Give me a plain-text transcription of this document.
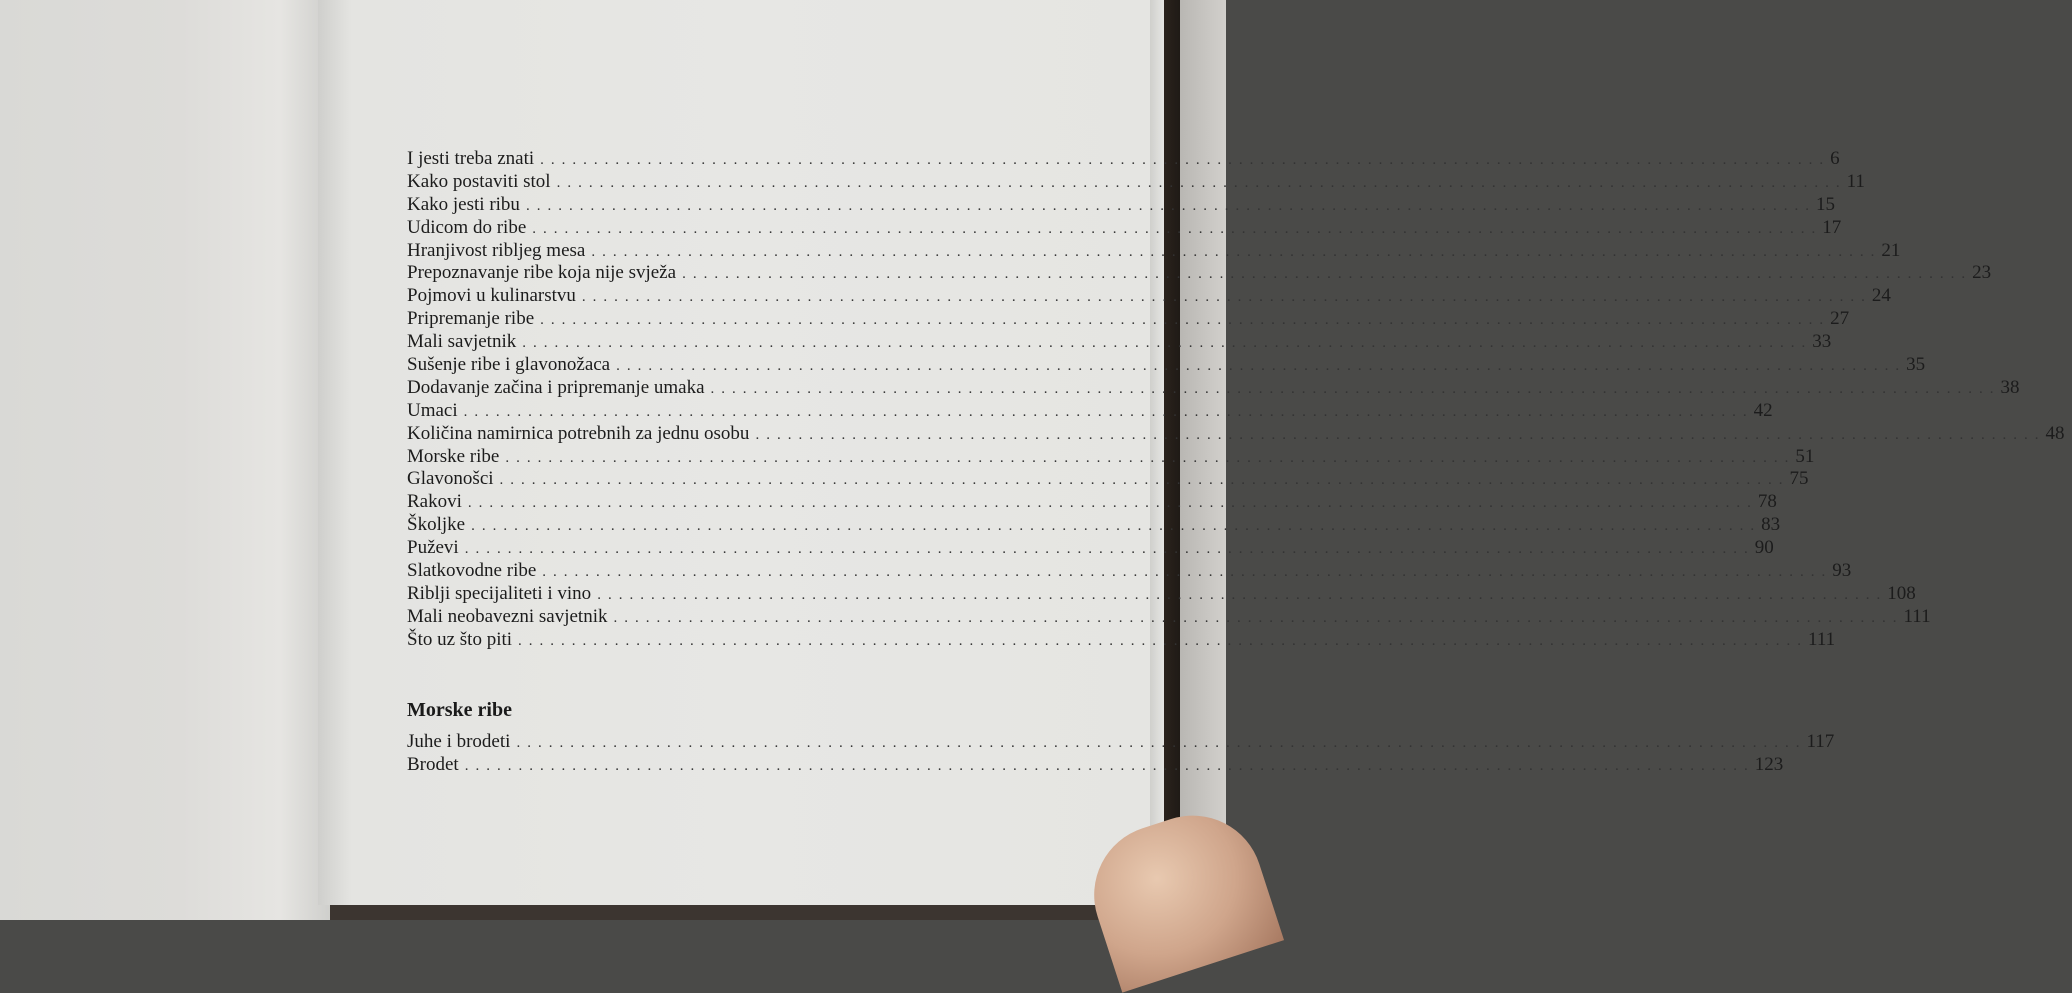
I jesti treba znati ........................................................................................................................ 6
Kako postaviti stol ........................................................................................................................ 11
Kako jesti ribu ........................................................................................................................ 15
Udicom do ribe ........................................................................................................................ 17
Hranjivost ribljeg mesa ........................................................................................................................ 21
Prepoznavanje ribe koja nije svježa ........................................................................................................................ 23
Pojmovi u kulinarstvu ........................................................................................................................ 24
Pripremanje ribe ........................................................................................................................ 27
Mali savjetnik ........................................................................................................................ 33
Sušenje ribe i glavonožaca ........................................................................................................................ 35
Dodavanje začina i pripremanje umaka ........................................................................................................................ 38
Umaci ........................................................................................................................ 42
Količina namirnica potrebnih za jednu osobu ........................................................................................................................ 48
Morske ribe ........................................................................................................................ 51
Glavonošci ........................................................................................................................ 75
Rakovi ........................................................................................................................ 78
Školjke ........................................................................................................................ 83
Puževi ........................................................................................................................ 90
Slatkovodne ribe ........................................................................................................................ 93
Riblji specijaliteti i vino ........................................................................................................................ 108
Mali neobavezni savjetnik ........................................................................................................................ 111
Što uz što piti ........................................................................................................................ 111
Morske ribe
Juhe i brodeti ........................................................................................................................ 117
Brodet ........................................................................................................................ 123
